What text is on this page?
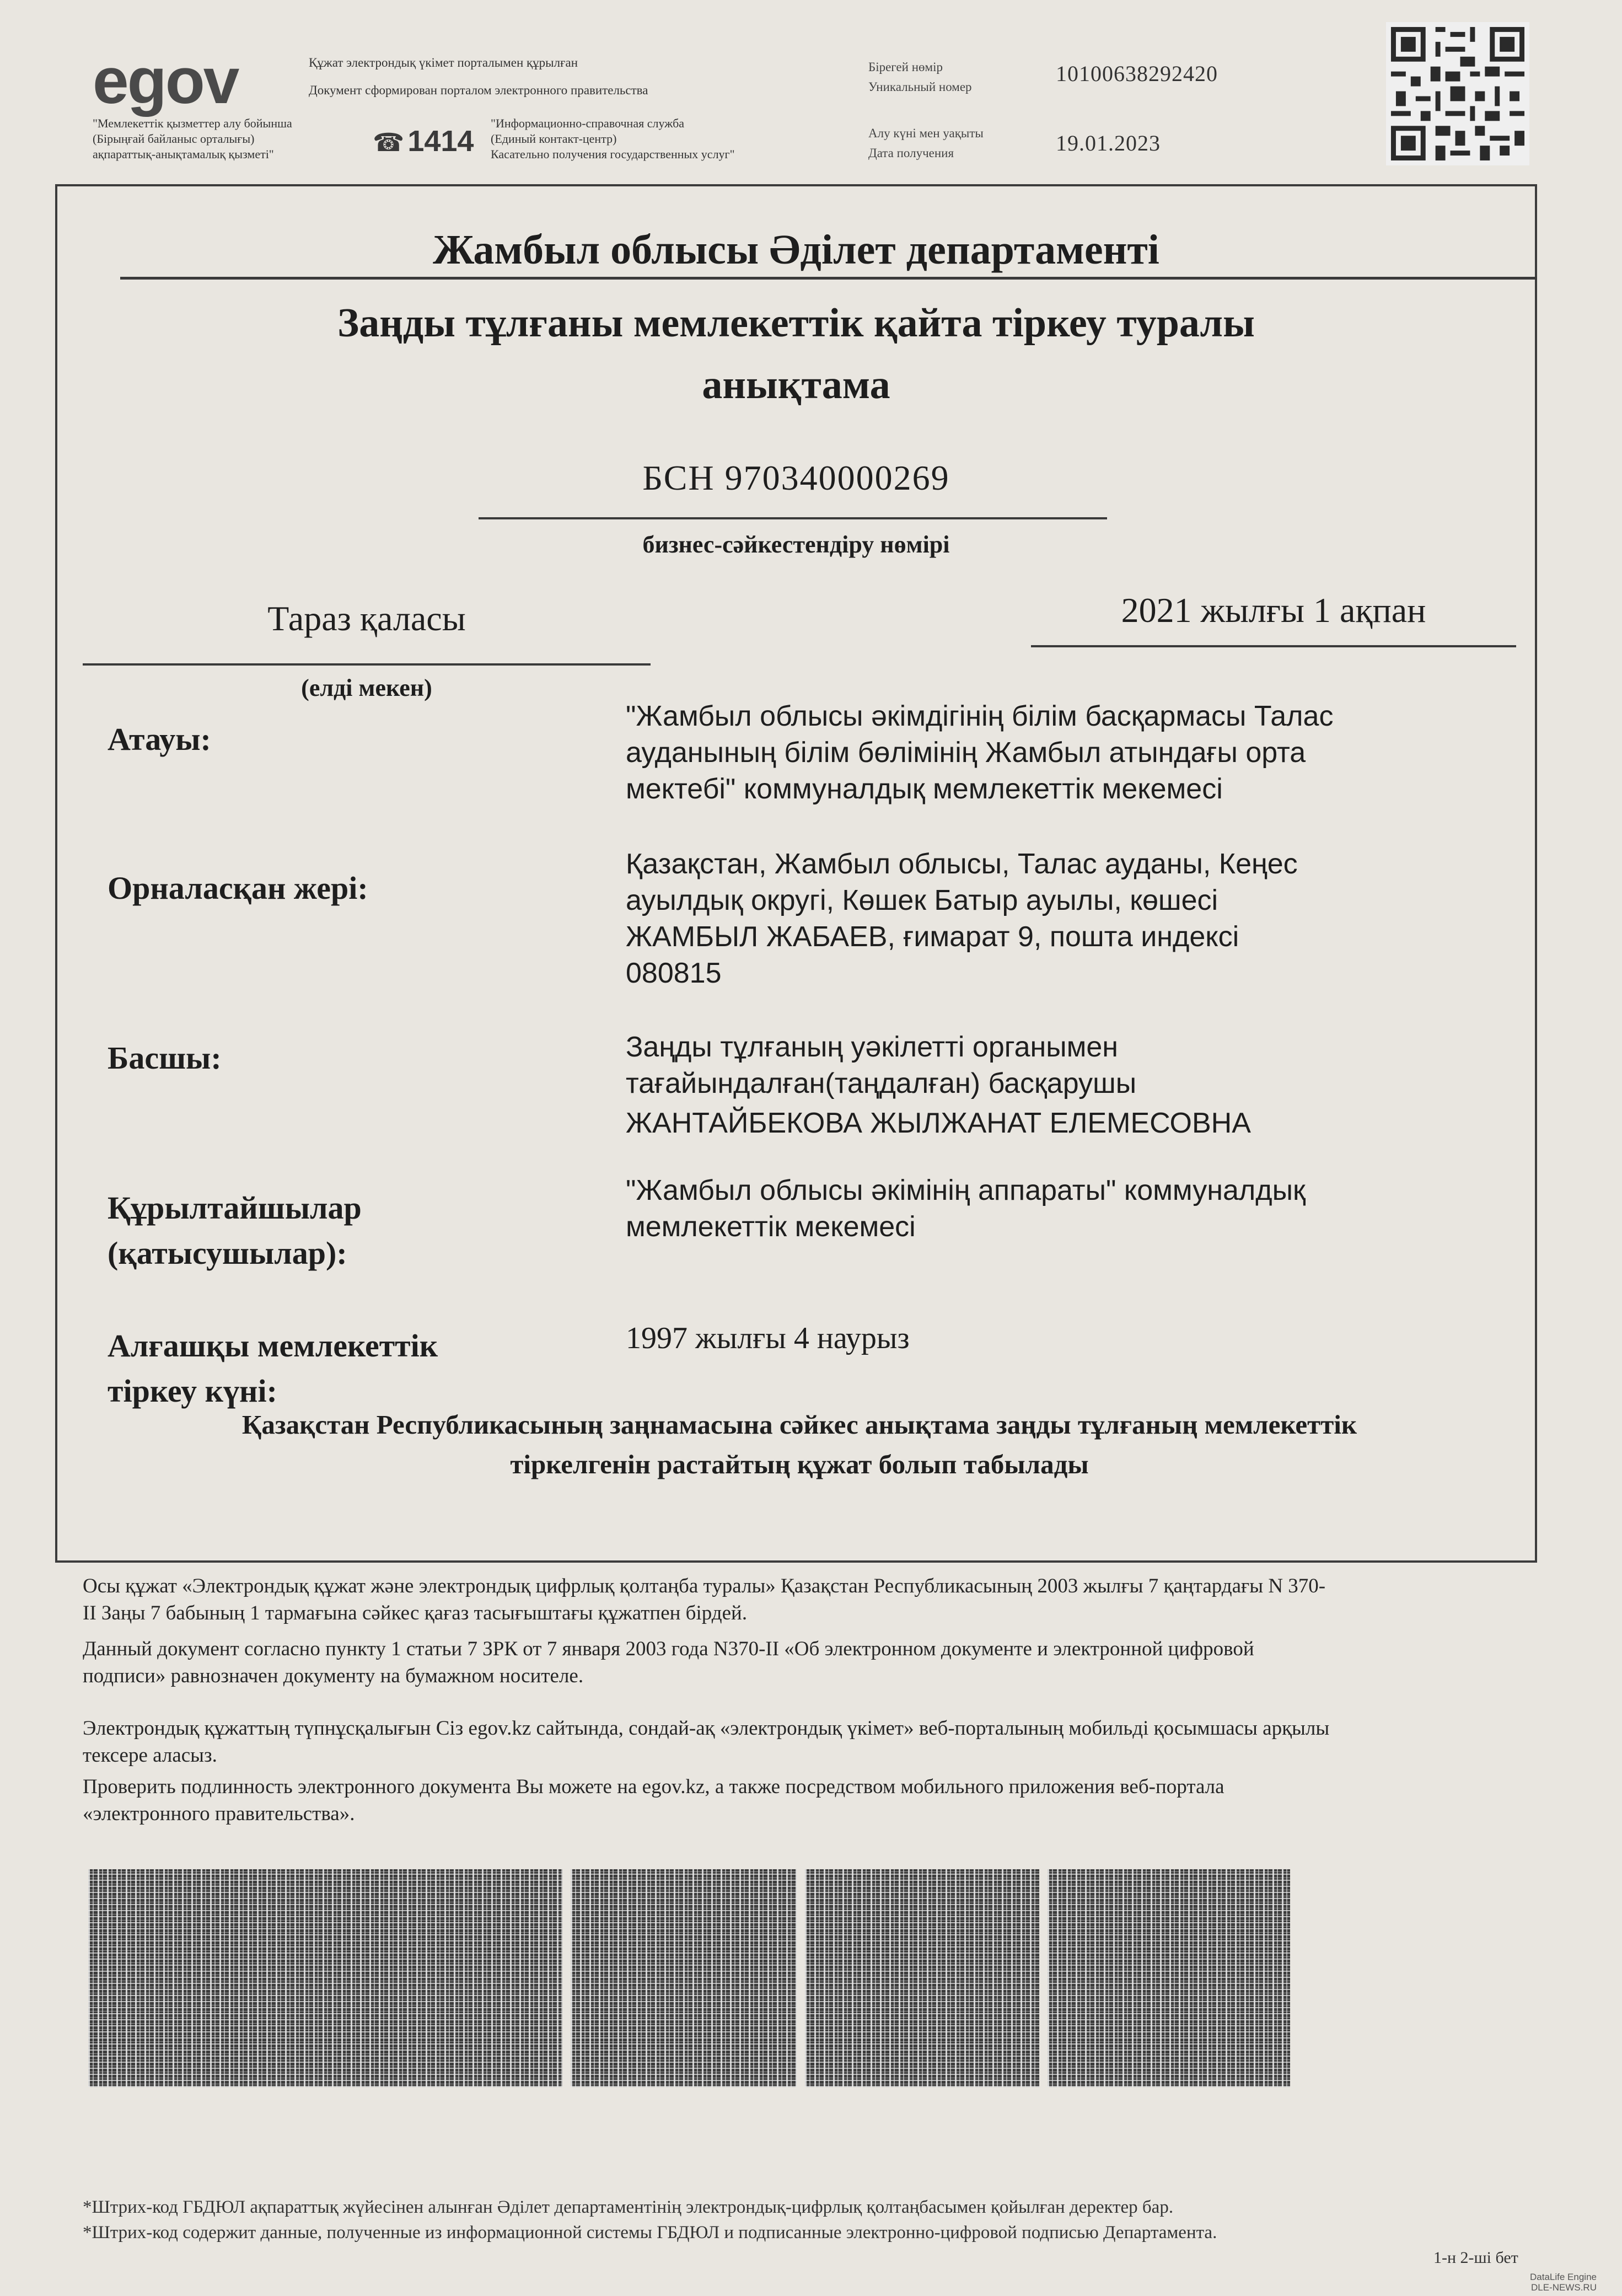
egov	Құжат электрондық үкімет порталымен құрылған
Документ сформирован порталом электронного правительства
"Мемлекеттік қызметтер алу бойынша
(Бірыңғай байланыс орталығы)
ақпараттық-анықтамалық қызметі"	☎ 1414
"Информационно-справочная служба
(Единый контакт-центр)
Касательно получения государственных услуг"
Бірегей нөмір
Уникальный номер
10100638292420
Алу күні мен уақыты
Дата получения	19.01.2023
Жамбыл облысы Әділет департаменті
Заңды тұлғаны мемлекеттік қайта тіркеу туралы
анықтама
БСН 970340000269
бизнес-сәйкестендіру нөмірі
Тараз қаласы
(елді мекен)
2021 жылғы 1 ақпан
Атауы:
"Жамбыл облысы әкімдігінің білім басқармасы Талас
ауданының білім бөлімінің Жамбыл атындағы орта
мектебі" коммуналдық мемлекеттік мекемесі
Орналасқан жері:
Қазақстан, Жамбыл облысы, Талас ауданы, Кеңес
ауылдық округі, Көшек Батыр ауылы, көшесі
ЖАМБЫЛ ЖАБАЕВ, ғимарат 9, пошта индексі
080815
Басшы:	Заңды тұлғаның уәкілетті органымен
тағайындалған(таңдалған) басқарушы
ЖАНТАЙБЕКОВА ЖЫЛЖАНАТ ЕЛЕМЕСОВНА
Құрылтайшылар
(қатысушылар):
"Жамбыл облысы әкімінің аппараты" коммуналдық
мемлекеттік мекемесі
Алғашқы мемлекеттік
тіркеу күні:
1997 жылғы 4 наурыз
Қазақстан Республикасының заңнамасына сәйкес анықтама заңды тұлғаның мемлекеттік
тіркелгенін растайтың құжат болып табылады
Осы құжат «Электрондық құжат және электрондық цифрлық қолтаңба туралы» Қазақстан Республикасының 2003 жылғы 7 қаңтардағы N 370-
II Заңы 7 бабының 1 тармағына сәйкес қағаз тасығыштағы құжатпен бірдей.
Данный документ согласно пункту 1 статьи 7 ЗРК от 7 января 2003 года N370-II «Об электронном документе и электронной цифровой
подписи» равнозначен документу на бумажном носителе.
Электрондық құжаттың түпнұсқалығын Сіз egov.kz сайтында, сондай-ақ «электрондық үкімет» веб-порталының мобильді қосымшасы арқылы
тексере аласыз.
Проверить подлинность электронного документа Вы можете на egov.kz, а также посредством мобильного приложения веб-портала
«электронного правительства».
*Штрих-код ГБДЮЛ ақпараттық жүйесінен алынған Әділет департаментінің электрондық-цифрлық қолтаңбасымен қойылған деректер бар.
*Штрих-код содержит данные, полученные из информационной системы ГБДЮЛ и подписанные электронно-цифровой подписью Департамента.
1-н 2-ші бет
DataLife Engine
DLE-NEWS.RU
